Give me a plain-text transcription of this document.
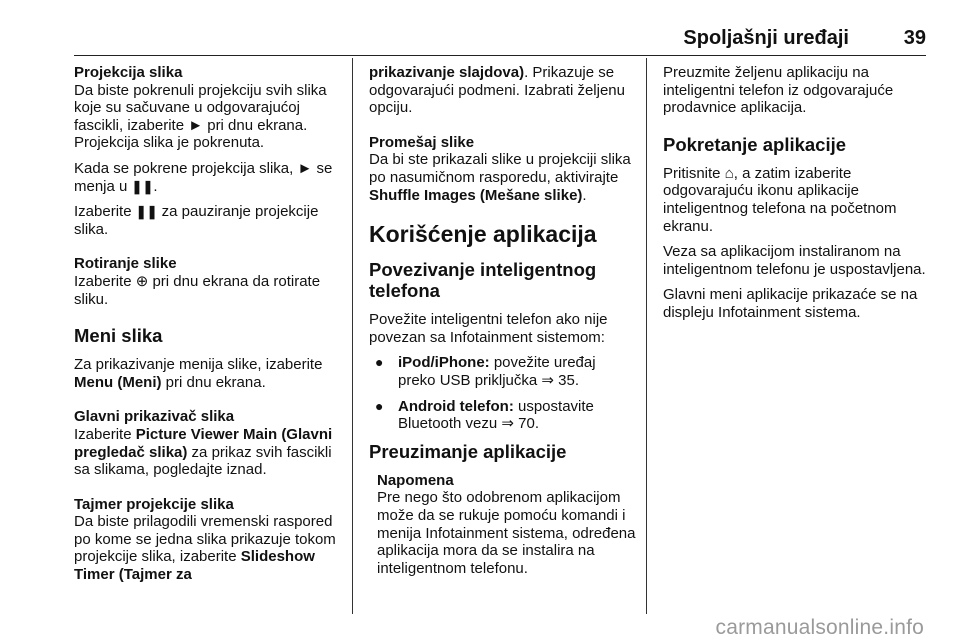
Spoljašnji uređaji	39

Projekcija slika
Da biste pokrenuli projekciju svih slika koje su sačuvane u odgovarajućoj fascikli, izaberite ► pri dnu ekrana. Projekcija slika je pokrenuta.

Kada se pokrene projekcija slika, ► se menja u ❚❚.

Izaberite ❚❚ za pauziranje projekcije slika.

Rotiranje slike
Izaberite ⊕ pri dnu ekrana da rotirate sliku.

Meni slika

Za prikazivanje menija slike, izaberite Menu (Meni) pri dnu ekrana.

Glavni prikazivač slika
Izaberite Picture Viewer Main (Glavni pregledač slika) za prikaz svih fascikli sa slikama, pogledajte iznad.

Tajmer projekcije slika
Da biste prilagodili vremenski raspored po kome se jedna slika prikazuje tokom projekcije slika, izaberite Slideshow Timer (Tajmer za

prikazivanje slajdova). Prikazuje se odgovarajući podmeni. Izabrati željenu opciju.

Promešaj slike
Da bi ste prikazali slike u projekciji slika po nasumičnom rasporedu, aktivirajte Shuffle Images (Mešane slike).

Korišćenje aplikacija
Povezivanje inteligentnog telefona

Povežite inteligentni telefon ako nije povezan sa Infotainment sistemom:

● iPod/iPhone: povežite uređaj preko USB priključka ⇒ 35.
● Android telefon: uspostavite Bluetooth vezu ⇒ 70.
Preuzimanje aplikacije
Napomena
Pre nego što odobrenom aplikacijom može da se rukuje pomoću komandi i menija Infotainment sistema, određena aplikacija mora da se instalira na inteligentnom telefonu.

Preuzmite željenu aplikaciju na inteligentni telefon iz odgovarajuće prodavnice aplikacija.

Pokretanje aplikacije

Pritisnite ⌂, a zatim izaberite odgovarajuću ikonu aplikacije inteligentnog telefona na početnom ekranu.

Veza sa aplikacijom instaliranom na inteligentnom telefonu je uspostavljena.

Glavni meni aplikacije prikazaće se na displeju Infotainment sistema.

carmanualsonline.info
